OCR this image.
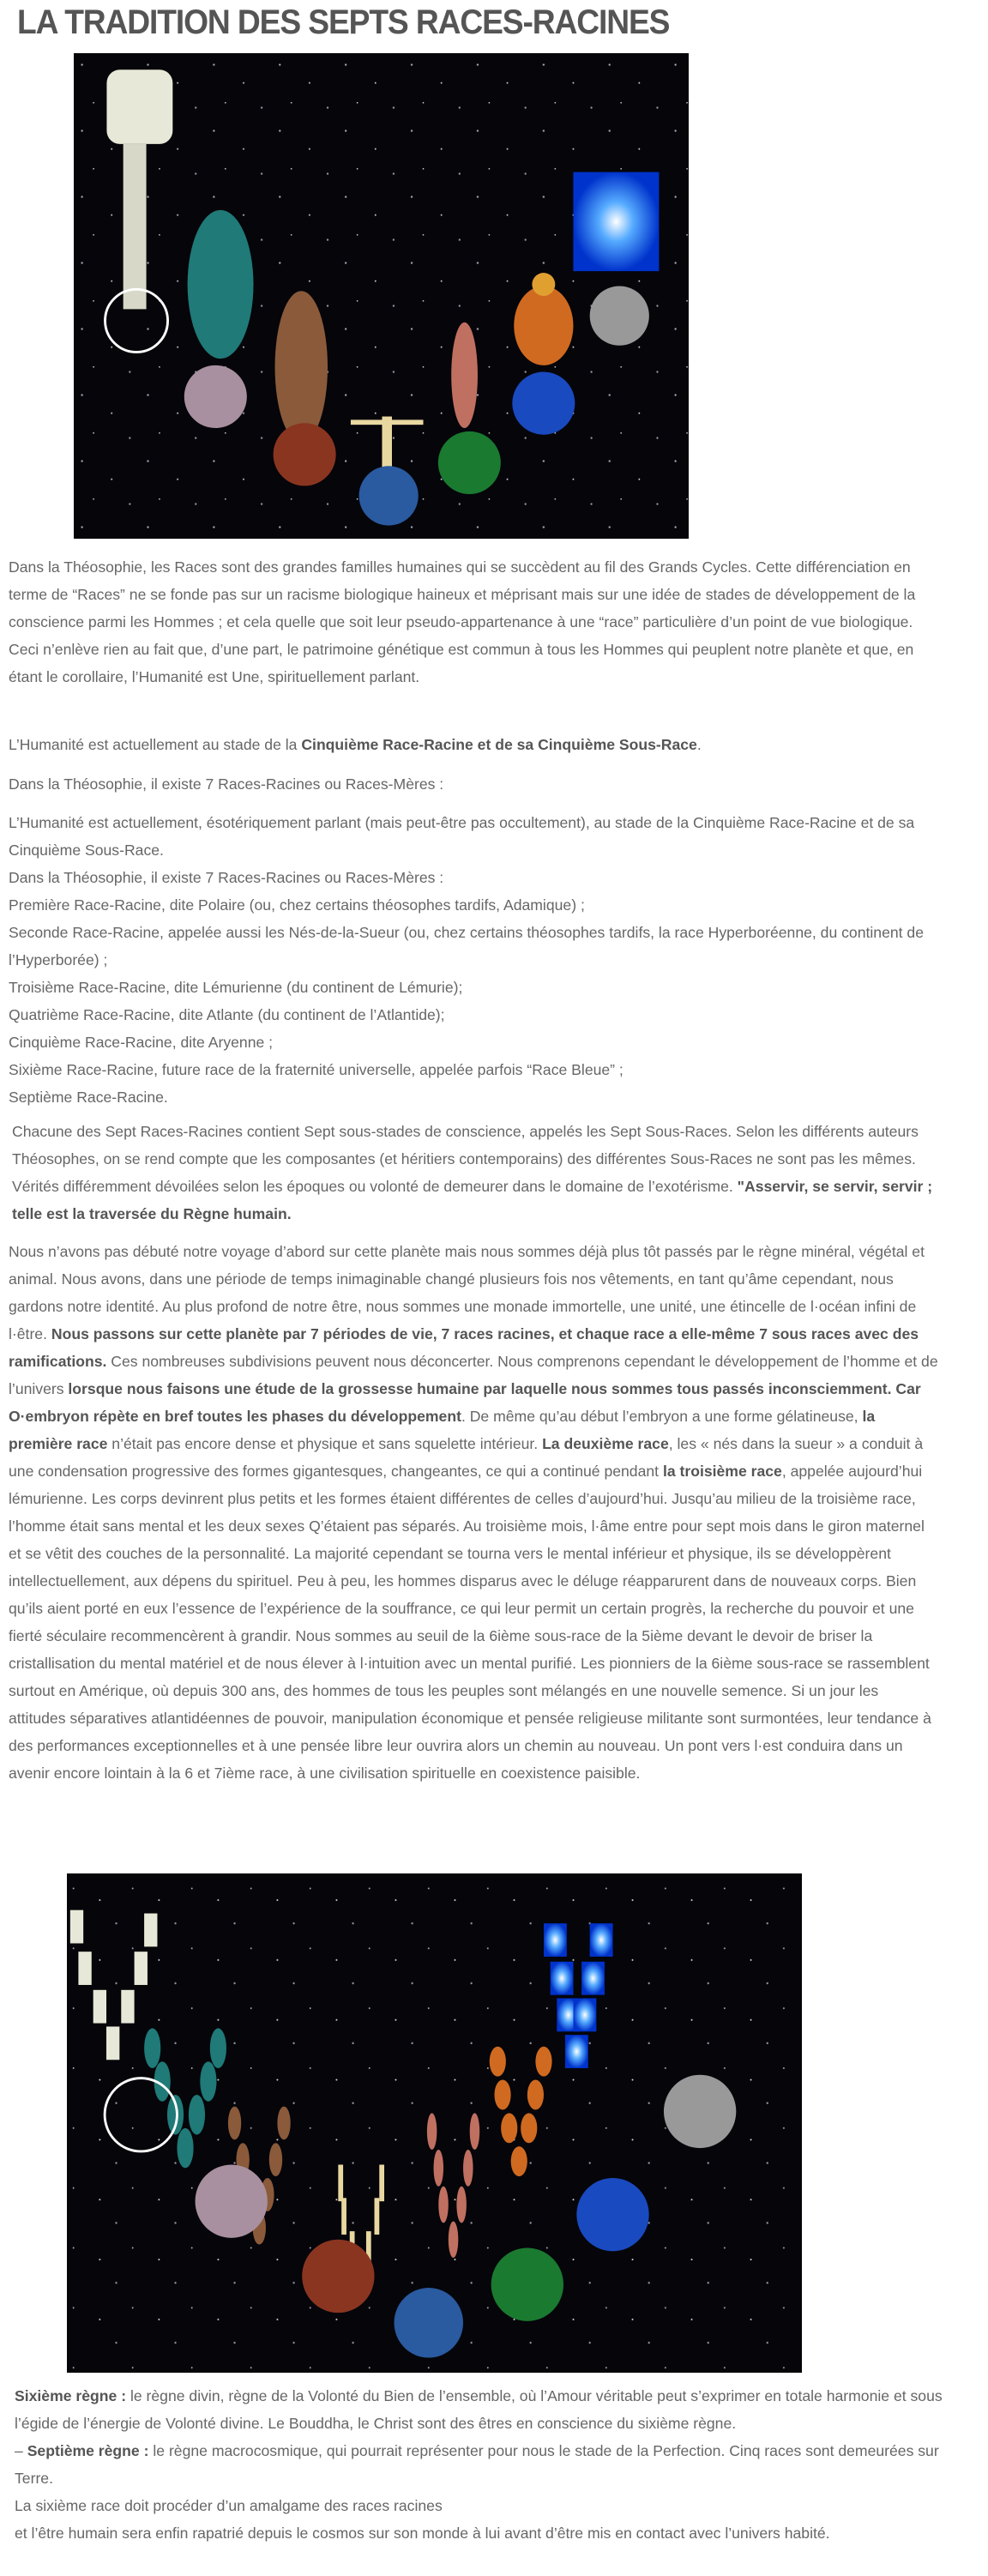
LA TRADITION DES SEPTS RACES-RACINES

Dans la Théosophie, les Races sont des grandes familles humaines qui se succèdent au fil des Grands Cycles. Cette différenciation en terme de “Races” ne se fonde pas sur un racisme biologique haineux et méprisant mais sur une idée de stades de développement de la conscience parmi les Hommes ; et cela quelle que soit leur pseudo-appartenance à une “race” particulière d’un point de vue biologique. Ceci n’enlève rien au fait que, d’une part, le patrimoine génétique est commun à tous les Hommes qui peuplent notre planète et que, en étant le corollaire, l’Humanité est Une, spirituellement parlant.

L’Humanité est actuellement au stade de la Cinquième Race-Racine et de sa Cinquième Sous-Race.

Dans la Théosophie, il existe 7 Races-Racines ou Races-Mères :

L’Humanité est actuellement, ésotériquement parlant (mais peut-être pas occultement), au stade de la Cinquième Race-Racine et de sa Cinquième Sous-Race.
Dans la Théosophie, il existe 7 Races-Racines ou Races-Mères :
Première Race-Racine, dite Polaire (ou, chez certains théosophes tardifs, Adamique) ;
Seconde Race-Racine, appelée aussi les Nés-de-la-Sueur (ou, chez certains théosophes tardifs, la race Hyperboréenne, du continent de l’Hyperborée) ;
Troisième Race-Racine, dite Lémurienne (du continent de Lémurie);
Quatrième Race-Racine, dite Atlante (du continent de l’Atlantide);
Cinquième Race-Racine, dite Aryenne ;
Sixième Race-Racine, future race de la fraternité universelle, appelée parfois “Race Bleue” ;
Septième Race-Racine.

Chacune des Sept Races-Racines contient Sept sous-stades de conscience, appelés les Sept Sous-Races. Selon les différents auteurs Théosophes, on se rend compte que les composantes (et héritiers contemporains) des différentes Sous-Races ne sont pas les mêmes. Vérités différemment dévoilées selon les époques ou volonté de demeurer dans le domaine de l’exotérisme. "Asservir, se servir, servir ; telle est la traversée du Règne humain.

Nous n’avons pas débuté notre voyage d’abord sur cette planète mais nous sommes déjà plus tôt passés par le règne minéral, végétal et animal. Nous avons, dans une période de temps inimaginable changé plusieurs fois nos vêtements, en tant qu’âme cependant, nous gardons notre identité. Au plus profond de notre être, nous sommes une monade immortelle, une unité, une étincelle de l·océan infini de l·être. Nous passons sur cette planète par 7 périodes de vie, 7 races racines, et chaque race a elle-même 7 sous races avec des ramifications. Ces nombreuses subdivisions peuvent nous déconcerter. Nous comprenons cependant le développement de l’homme et de l’univers lorsque nous faisons une étude de la grossesse humaine par laquelle nous sommes tous passés inconsciemment. Car O·embryon répète en bref toutes les phases du développement. De même qu’au début l’embryon a une forme gélatineuse, la première race n’était pas encore dense et physique et sans squelette intérieur. La deuxième race, les « nés dans la sueur » a conduit à une condensation progressive des formes gigantesques, changeantes, ce qui a continué pendant la troisième race, appelée aujourd’hui lémurienne. Les corps devinrent plus petits et les formes étaient différentes de celles d’aujourd’hui. Jusqu’au milieu de la troisième race, l’homme était sans mental et les deux sexes Q’étaient pas séparés. Au troisième mois, l·âme entre pour sept mois dans le giron maternel et se vêtit des couches de la personnalité. La majorité cependant se tourna vers le mental inférieur et physique, ils se développèrent intellectuellement, aux dépens du spirituel. Peu à peu, les hommes disparus avec le déluge réapparurent dans de nouveaux corps. Bien qu’ils aient porté en eux l’essence de l’expérience de la souffrance, ce qui leur permit un certain progrès, la recherche du pouvoir et une fierté séculaire recommencèrent à grandir. Nous sommes au seuil de la 6ième sous-race de la 5ième devant le devoir de briser la cristallisation du mental matériel et de nous élever à l·intuition avec un mental purifié. Les pionniers de la 6ième sous-race se rassemblent surtout en Amérique, où depuis 300 ans, des hommes de tous les peuples sont mélangés en une nouvelle semence. Si un jour les attitudes séparatives atlantidéennes de pouvoir, manipulation économique et pensée religieuse militante sont surmontées, leur tendance à des performances exceptionnelles et à une pensée libre leur ouvrira alors un chemin au nouveau. Un pont vers l·est conduira dans un avenir encore lointain à la 6 et 7ième race, à une civilisation spirituelle en coexistence paisible.

Sixième règne : le règne divin, règne de la Volonté du Bien de l’ensemble, où l’Amour véritable peut s’exprimer en totale harmonie et sous l’égide de l’énergie de Volonté divine. Le Bouddha, le Christ sont des êtres en conscience du sixième règne.
– Septième règne : le règne macrocosmique, qui pourrait représenter pour nous le stade de la Perfection. Cinq races sont demeurées sur Terre.
La sixième race doit procéder d’un amalgame des races racines
et l’être humain sera enfin rapatrié depuis le cosmos sur son monde à lui avant d’être mis en contact avec l’univers habité.
